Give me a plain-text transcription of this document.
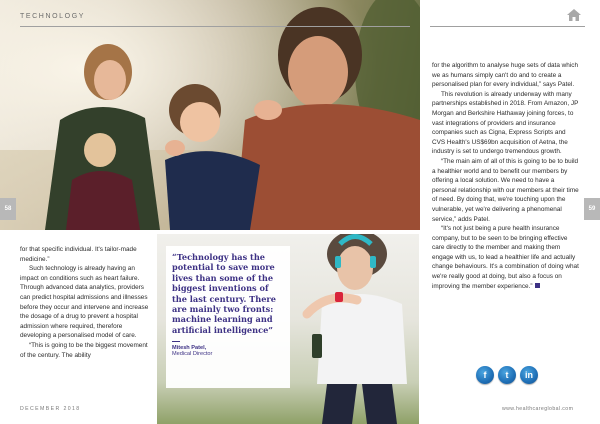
TECHNOLOGY
58	59

for that specific individual. It's tailor-made medicine.”

Such technology is already having an impact on conditions such as heart failure. Through advanced data analytics, providers can predict hospital admissions and illnesses before they occur and intervene and increase the dosage of a drug to prevent a hospital admission where required, therefore developing a personalised model of care.

“This is going to be the biggest movement of the century. The ability

“Technology has the potential to save more lives than some of the biggest inventions of the last century. There are mainly two fronts: machine learning and artificial intelligence”
Mitesh Patel,
Medical Director

for the algorithm to analyse huge sets of data which we as humans simply can't do and to create a personalised plan for every individual,” says Patel.

This revolution is already underway with many partnerships established in 2018. From Amazon, JP Morgan and Berkshire Hathaway joining forces, to vast integrations of providers and insurance companies such as Cigna, Express Scripts and CVS Health's US$69bn acquisition of Aetna, the industry is set to undergo tremendous growth.

“The main aim of all of this is going to be to build a healthier world and to benefit our members by offering a local solution. We need to have a personal relationship with our members at their time of need. By doing that, we're touching upon the vulnerable, yet we're delivering a phenomenal service,” adds Patel.

“It's not just being a pure health insurance company, but to be seen to be bringing effective care directly to the member and making them engage with us, to lead a healthier life and actually change behaviours. It's a combination of doing what we're really good at doing, but also a focus on improving the member experience.”

f	t	in
DECEMBER 2018	www.healthcareglobal.com
